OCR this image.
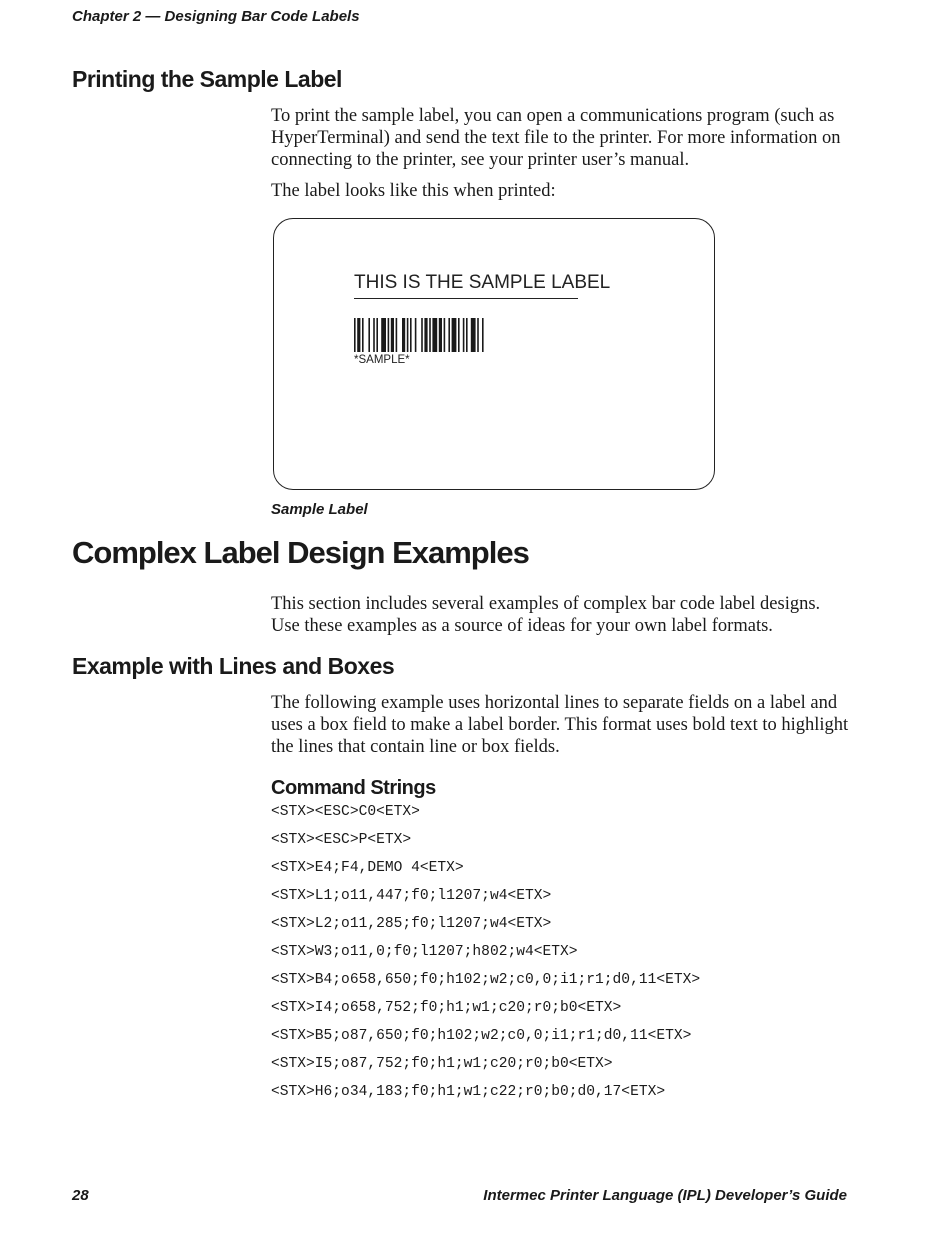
Chapter 2 — Designing Bar Code Labels

Printing the Sample Label

To print the sample label, you can open a communications program (such as HyperTerminal) and send the text file to the printer. For more information on connecting to the printer, see your printer user’s manual.

The label looks like this when printed:

THIS IS THE SAMPLE LABEL

*SAMPLE*

Sample Label

Complex Label Design Examples

This section includes several examples of complex bar code label designs. Use these examples as a source of ideas for your own label formats.

Example with Lines and Boxes

The following example uses horizontal lines to separate fields on a label and uses a box field to make a label border. This format uses bold text to highlight the lines that contain line or box fields.

Command Strings
<STX><ESC>C0<ETX>
<STX><ESC>P<ETX>
<STX>E4;F4,DEMO 4<ETX>
<STX>L1;o11,447;f0;l1207;w4<ETX>
<STX>L2;o11,285;f0;l1207;w4<ETX>
<STX>W3;o11,0;f0;l1207;h802;w4<ETX>
<STX>B4;o658,650;f0;h102;w2;c0,0;i1;r1;d0,11<ETX>
<STX>I4;o658,752;f0;h1;w1;c20;r0;b0<ETX>
<STX>B5;o87,650;f0;h102;w2;c0,0;i1;r1;d0,11<ETX>
<STX>I5;o87,752;f0;h1;w1;c20;r0;b0<ETX>
<STX>H6;o34,183;f0;h1;w1;c22;r0;b0;d0,17<ETX>

28	Intermec Printer Language (IPL) Developer’s Guide
